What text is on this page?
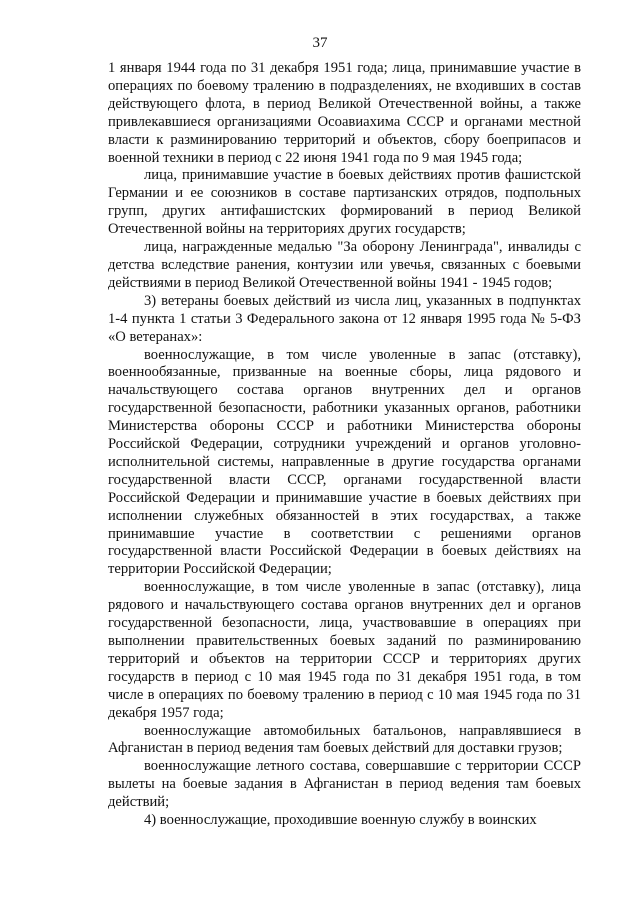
37

1 января 1944 года по 31 декабря 1951 года; лица, принимавшие участие в операциях по боевому тралению в подразделениях, не входивших в состав действующего флота, в период Великой Отечественной войны, а также привлекавшиеся организациями Осоавиахима СССР и органами местной власти к разминированию территорий и объектов, сбору боеприпасов и военной техники в период с 22 июня 1941 года по 9 мая 1945 года;

лица, принимавшие участие в боевых действиях против фашистской Германии и ее союзников в составе партизанских отрядов, подпольных групп, других антифашистских формирований в период Великой Отечественной войны на территориях других государств;

лица, награжденные медалью "За оборону Ленинграда", инвалиды с детства вследствие ранения, контузии или увечья, связанных с боевыми действиями в период Великой Отечественной войны 1941 - 1945 годов;

3) ветераны боевых действий из числа лиц, указанных в подпунктах 1-4 пункта 1 статьи 3 Федерального закона от 12 января 1995 года № 5-ФЗ «О ветеранах»:

военнослужащие, в том числе уволенные в запас (отставку), военнообязанные, призванные на военные сборы, лица рядового и начальствующего состава органов внутренних дел и органов государственной безопасности, работники указанных органов, работники Министерства обороны СССР и работники Министерства обороны Российской Федерации, сотрудники учреждений и органов уголовно-исполнительной системы, направленные в другие государства органами государственной власти СССР, органами государственной власти Российской Федерации и принимавшие участие в боевых действиях при исполнении служебных обязанностей в этих государствах, а также принимавшие участие в соответствии с решениями органов государственной власти Российской Федерации в боевых действиях на территории Российской Федерации;

военнослужащие, в том числе уволенные в запас (отставку), лица рядового и начальствующего состава органов внутренних дел и органов государственной безопасности, лица, участвовавшие в операциях при выполнении правительственных боевых заданий по разминированию территорий и объектов на территории СССР и территориях других государств в период с 10 мая 1945 года по 31 декабря 1951 года, в том числе в операциях по боевому тралению в период с 10 мая 1945 года по 31 декабря 1957 года;

военнослужащие автомобильных батальонов, направлявшиеся в Афганистан в период ведения там боевых действий для доставки грузов;

военнослужащие летного состава, совершавшие с территории СССР вылеты на боевые задания в Афганистан в период ведения там боевых действий;

4) военнослужащие, проходившие военную службу в воинских
